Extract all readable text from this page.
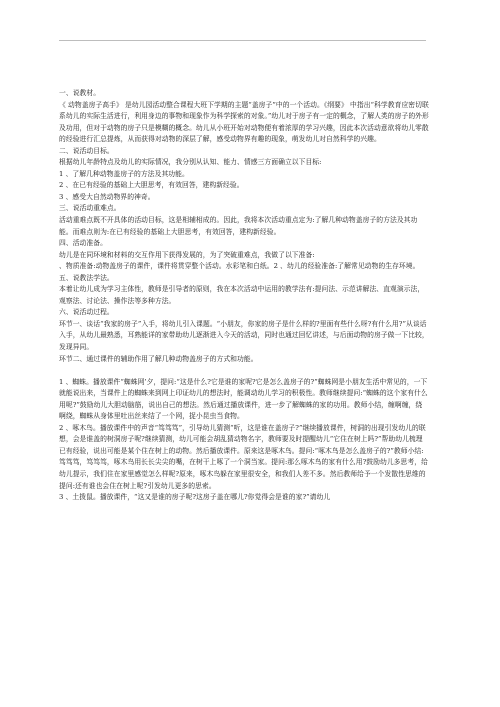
一、说教材。

《 动物盖房子高手》 是幼儿园活动整合课程大班下学期的主题“盖房子”中的一个活动。《纲要》 中指出“科学教育应密切联系幼儿的实际生活进行，利用身边的事物和现象作为科学探索的对象。”幼儿对于房子有一定的概念，了解人类的房子的外形及功用，但对于动物的房子只是模糊的概念。幼儿从小班开始对动物便有着浓厚的学习兴趣，因此本次活动意欲将幼儿零散的经验进行汇总提炼，从而获得对动物的深层了解，感受动物界有趣的现象，萌发幼儿对自然科学的兴趣。

二、说活动目标。

根据幼儿年龄特点及幼儿的实际情况，我分别从认知、能力、情感三方面确立以下目标:

1 、了解几种动物盖房子的方法及其功能。

2 、在已有经验的基础上大胆思考，有效回答，建构新经验。

3 、感受大自然动物界的神奇。

三、说活动重难点。

活动重难点既不开具体的活动目标，这是相辅相成的。因此，我将本次活动重点定为:了解几种动物盖房子的方法及其功能。而难点则为:在已有经验的基础上大胆思考，有效回答，建构新经验。

四、活动准备。

幼儿是在同环境和材料的交互作用下获得发展的，为了突破重难点，我做了以下准备:

、物质准备:动物盖房子的课件，课件将贯穿整个活动。水彩笔和白纸。2 、幼儿的经验准备:了解常见动物的生存环境。

五、说教法学法。

本着让幼儿成为学习主体性，教师是引导者的原则，我在本次活动中运用的教学法有:提问法、示范讲解法、直观演示法，观察法、讨论法、操作法等多种方法。

六、说活动过程。

环节一、谈话“我家的房子”入手，将幼儿引入课题。“小朋友，你家的房子是什么样的?里面有些什么呀?有什么用?”从谈话入手，从幼儿最熟悉，耳熟能详的家带助幼儿逐渐进入今天的活动，同时也通过回忆讲述，与后面动物的房子做一下比较，发现异同。

环节二、通过课件的辅助作用了解几种动物盖房子的方式和功能。

1 、蜘蛛。播放课件“蜘蛛网’夕，提问:“这是什么?它是谁的家呢?它是怎么盖房子的?”蜘蛛网是小朋友生活中常见的，一下就能说出来，当课件上的蜘蛛来到网上印证幼儿的想法时，能调动幼儿学习的积极性。教师继续提问:“蜘蛛的这个家有什么用呢?”鼓励幼儿大胆动脑筋，说出自己的想法。然后通过播放课件，进一步了解蜘蛛的家的功用。教师小结，缠啊缠，绕啊绕，蜘蛛从身体里吐出丝来结了一个网，捉小昆虫当食物。

2 、啄木鸟。播放课件中的声音“笃笃笃”，引导幼儿猜测“听，这是谁在盖房子?”继续播放课件，树洞的出现引发幼儿的联想，会是谁盖的树洞房子呢?继续猜测，幼儿可能会胡乱猜动物名字，教师要及时提醒幼儿“它住在树上吗?”帮助幼儿梳理已有经验，说出可能是某个住在树上的动物。然后播放课件。原来这是啄木鸟。提问:“啄木鸟是怎么盖房子的?”教师小结:笃笃笃，笃笃笃，啄木鸟用长长尖尖的嘴，在树干上啄了一个洞当家。提问:那么啄木鸟的家有什么用?鼓励幼儿多思考，给幼儿提示，我们住在家里感觉怎么样呢?原来，啄木鸟躲在家里很安全，和我们人差不多。然后教师给予一个发散性思维的提问:还有谁也会住在树上呢?引发幼儿更多的思索。

3 、土拨鼠。播放课件，“这又是谁的房子呢?这房子盖在哪儿?你觉得会是谁的家?”请幼儿
